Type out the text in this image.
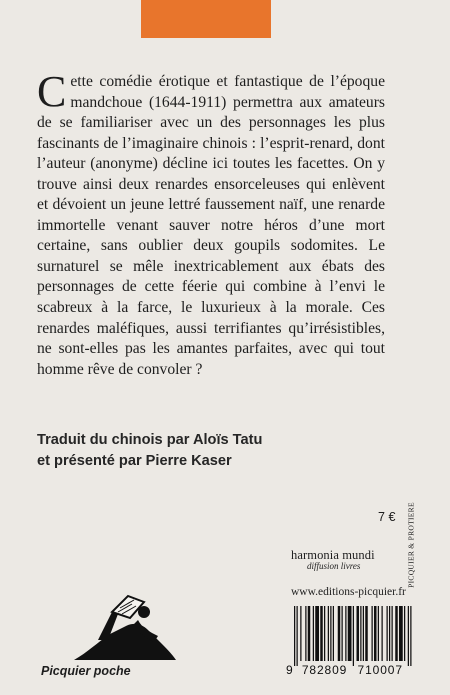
Cette comédie érotique et fantastique de l’époque mandchoue (1644-1911) permettra aux amateurs de se familiariser avec un des personnages les plus fascinants de l’imaginaire chinois : l’esprit-renard, dont l’auteur (anonyme) décline ici toutes les facettes. On y trouve ainsi deux renardes ensorceleuses qui enlèvent et dévoient un jeune lettré faussement naïf, une renarde immortelle venant sauver notre héros d’une mort certaine, sans oublier deux goupils sodomites. Le surnaturel se mêle inextricablement aux ébats des personnages de cette féerie qui combine à l’envi le scabreux à la farce, le luxurieux à la morale. Ces renardes maléfiques, aussi terrifiantes qu’irrésistibles, ne sont-elles pas les amantes parfaites, avec qui tout homme rêve de convoler ?
Traduit du chinois par Aloïs Tatu
et présenté par Pierre Kaser
7 € PICQUIER & PROTIERE
harmonia mundi
diffusion livres
www.editions-picquier.fr
9 782809 710007
Picquier poche
